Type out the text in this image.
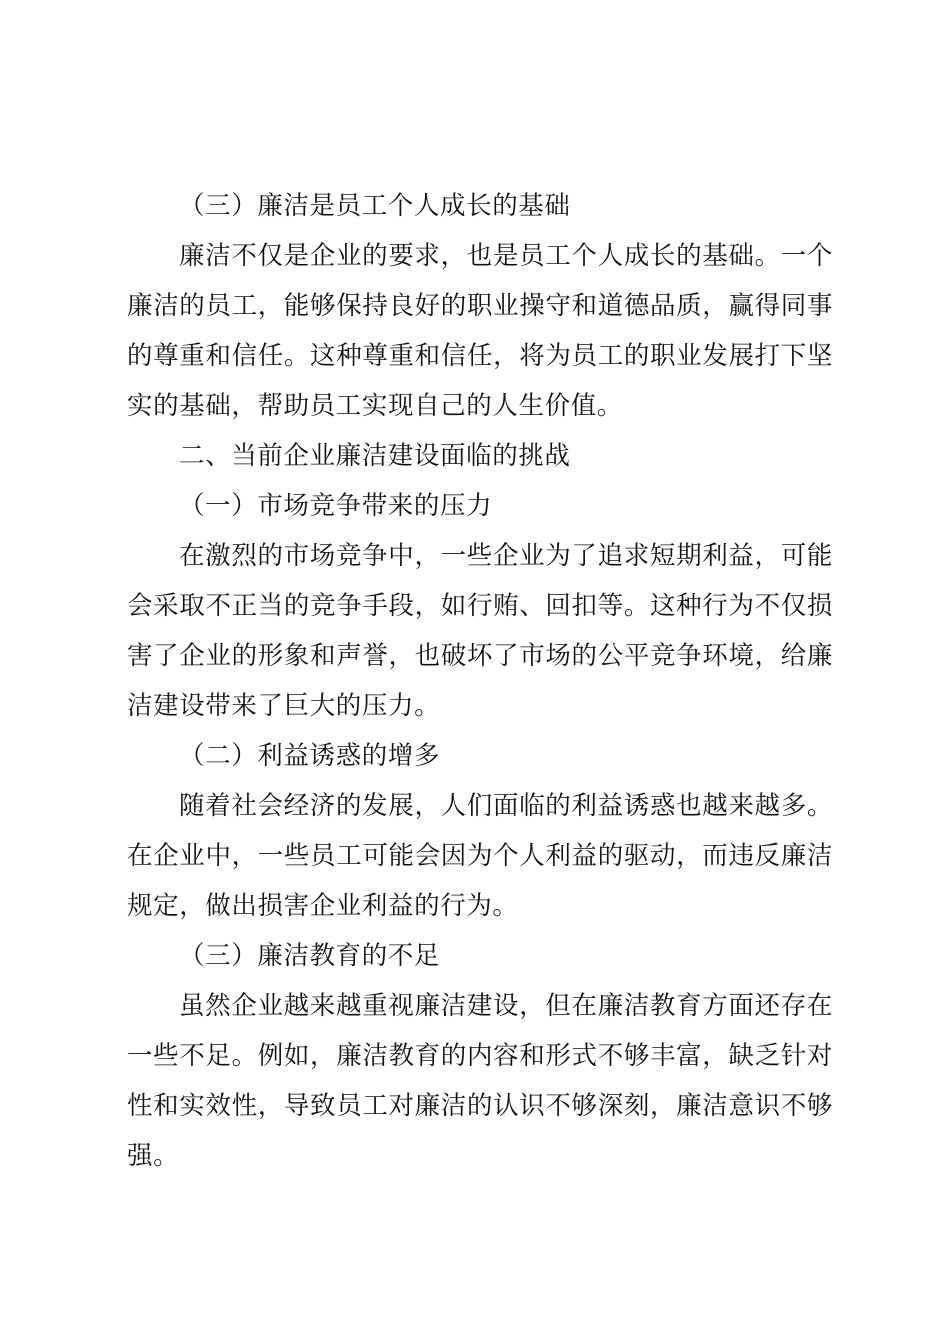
（三）廉洁是员工个人成长的基础

廉洁不仅是企业的要求，也是员工个人成长的基础。一个廉洁的员工，能够保持良好的职业操守和道德品质，赢得同事的尊重和信任。这种尊重和信任，将为员工的职业发展打下坚实的基础，帮助员工实现自己的人生价值。

二、当前企业廉洁建设面临的挑战

（一）市场竞争带来的压力

在激烈的市场竞争中，一些企业为了追求短期利益，可能会采取不正当的竞争手段，如行贿、回扣等。这种行为不仅损害了企业的形象和声誉，也破坏了市场的公平竞争环境，给廉洁建设带来了巨大的压力。

（二）利益诱惑的增多

随着社会经济的发展，人们面临的利益诱惑也越来越多。在企业中，一些员工可能会因为个人利益的驱动，而违反廉洁规定，做出损害企业利益的行为。

（三）廉洁教育的不足

虽然企业越来越重视廉洁建设，但在廉洁教育方面还存在一些不足。例如，廉洁教育的内容和形式不够丰富，缺乏针对性和实效性，导致员工对廉洁的认识不够深刻，廉洁意识不够强。
